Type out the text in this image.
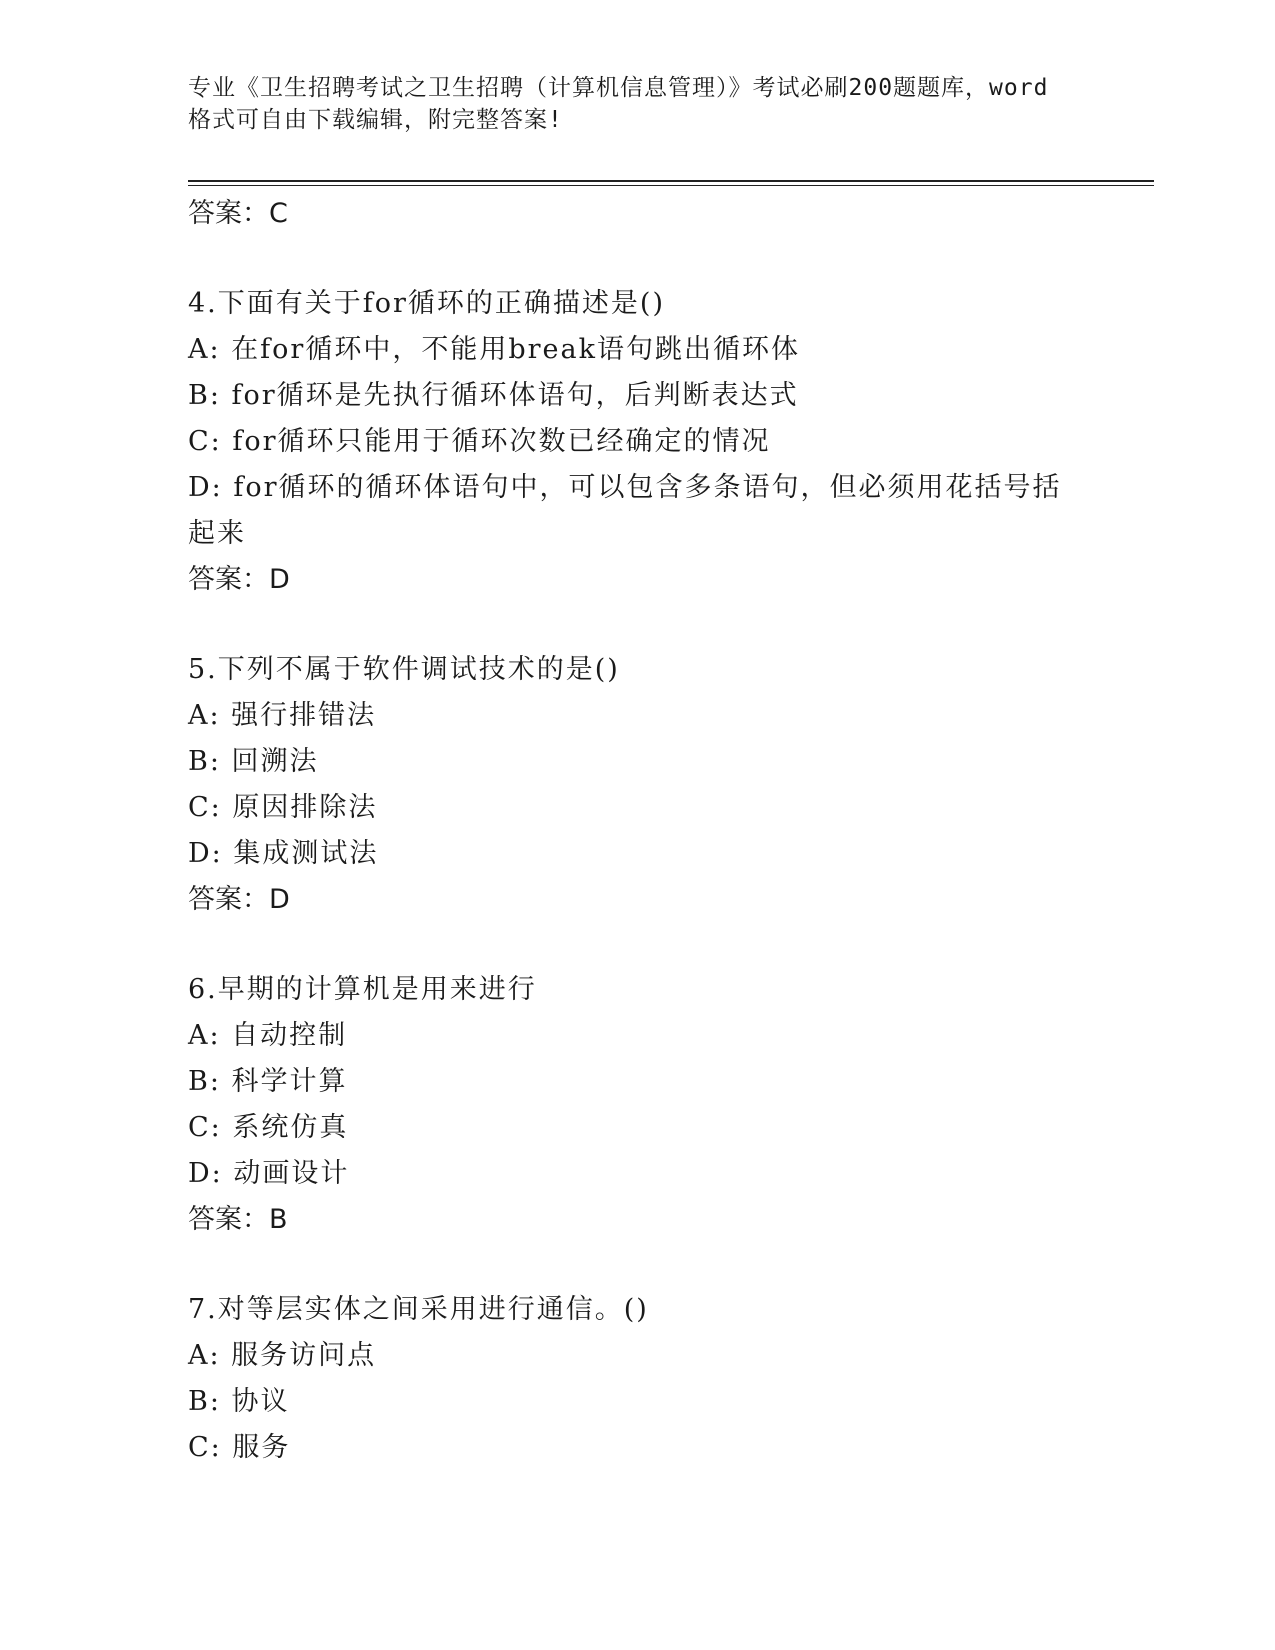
专业《卫生招聘考试之卫生招聘（计算机信息管理）》考试必刷200题题库，word
格式可自由下载编辑，附完整答案!
答案：C
4.下面有关于for循环的正确描述是()
A: 在for循环中，不能用break语句跳出循环体
B: for循环是先执行循环体语句，后判断表达式
C: for循环只能用于循环次数已经确定的情况
D: for循环的循环体语句中，可以包含多条语句，但必须用花括号括
起来
答案：D
5.下列不属于软件调试技术的是()
A: 强行排错法
B: 回溯法
C: 原因排除法
D: 集成测试法
答案：D
6.早期的计算机是用来进行
A: 自动控制
B: 科学计算
C: 系统仿真
D: 动画设计
答案：B
7.对等层实体之间采用进行通信。()
A: 服务访问点
B: 协议
C: 服务
